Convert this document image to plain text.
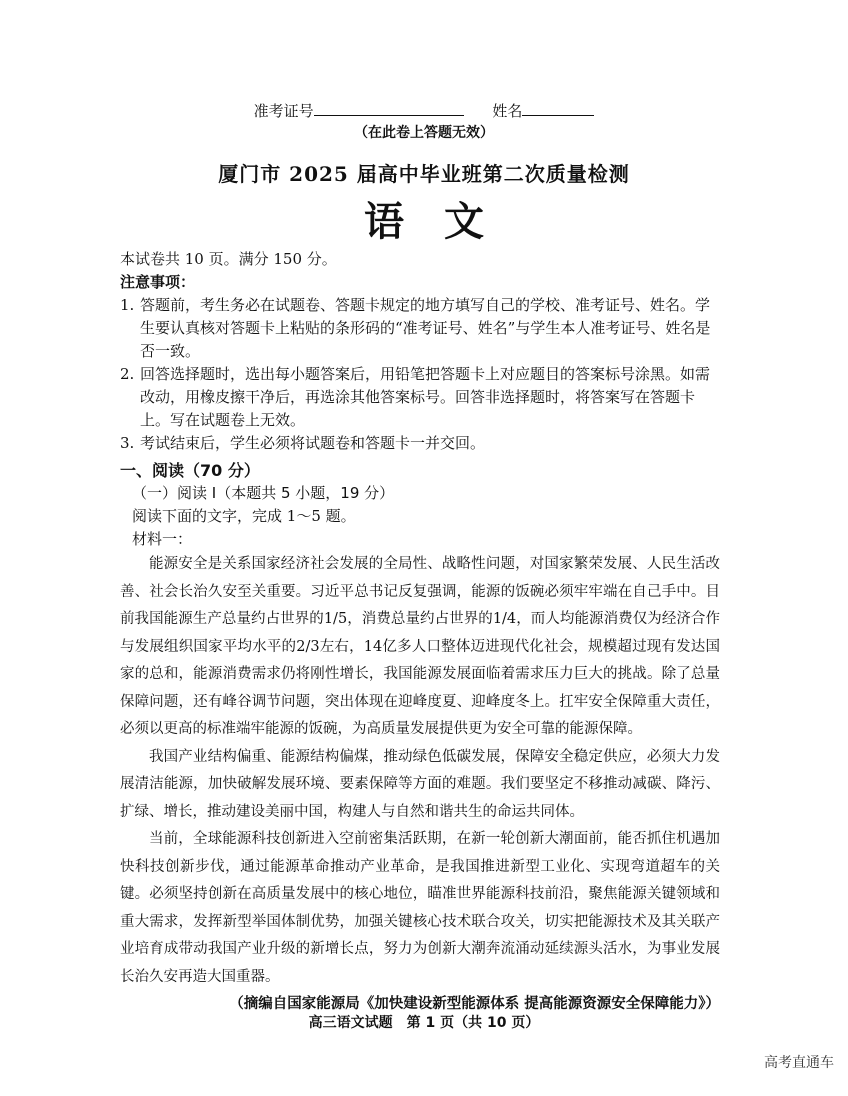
准考证号	姓名
（在此卷上答题无效）
厦门市 2025 届高中毕业班第二次质量检测
语文
本试卷共 10 页。满分 150 分。
注意事项：
1. 答题前，考生务必在试题卷、答题卡规定的地方填写自己的学校、准考证号、姓名。学生要认真核对答题卡上粘贴的条形码的“准考证号、姓名”与学生本人准考证号、姓名是否一致。
2. 回答选择题时，选出每小题答案后，用铅笔把答题卡上对应题目的答案标号涂黑。如需改动，用橡皮擦干净后，再选涂其他答案标号。回答非选择题时，将答案写在答题卡上。写在试题卷上无效。
3. 考试结束后，学生必须将试题卷和答题卡一并交回。
一、阅读（70 分）
（一）阅读 I（本题共 5 小题，19 分）
阅读下面的文字，完成 1～5 题。
材料一：
能源安全是关系国家经济社会发展的全局性、战略性问题，对国家繁荣发展、人民生活改善、社会长治久安至关重要。习近平总书记反复强调，能源的饭碗必须牢牢端在自己手中。目前我国能源生产总量约占世界的1/5，消费总量约占世界的1/4，而人均能源消费仅为经济合作与发展组织国家平均水平的2/3左右，14亿多人口整体迈进现代化社会，规模超过现有发达国家的总和，能源消费需求仍将刚性增长，我国能源发展面临着需求压力巨大的挑战。除了总量保障问题，还有峰谷调节问题，突出体现在迎峰度夏、迎峰度冬上。扛牢安全保障重大责任，必须以更高的标准端牢能源的饭碗，为高质量发展提供更为安全可靠的能源保障。
我国产业结构偏重、能源结构偏煤，推动绿色低碳发展，保障安全稳定供应，必须大力发展清洁能源，加快破解发展环境、要素保障等方面的难题。我们要坚定不移推动减碳、降污、扩绿、增长，推动建设美丽中国，构建人与自然和谐共生的命运共同体。
当前，全球能源科技创新进入空前密集活跃期，在新一轮创新大潮面前，能否抓住机遇加快科技创新步伐，通过能源革命推动产业革命，是我国推进新型工业化、实现弯道超车的关键。必须坚持创新在高质量发展中的核心地位，瞄准世界能源科技前沿，聚焦能源关键领域和重大需求，发挥新型举国体制优势，加强关键核心技术联合攻关，切实把能源技术及其关联产业培育成带动我国产业升级的新增长点，努力为创新大潮奔流涌动延续源头活水，为事业发展长治久安再造大国重器。
（摘编自国家能源局《加快建设新型能源体系 提高能源资源安全保障能力》）
高三语文试题　第 1 页（共 10 页）
高考直通车
